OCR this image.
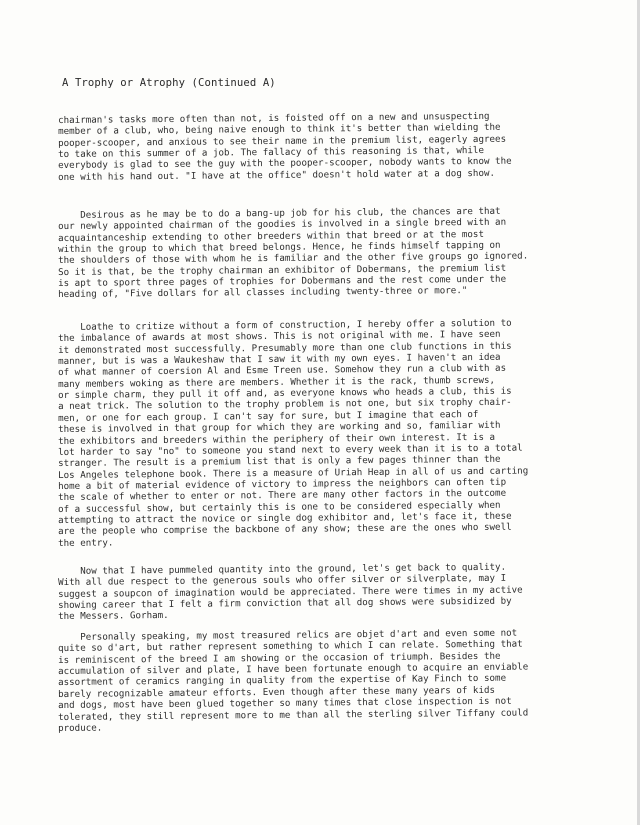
A Trophy or Atrophy (Continued A)
chairman's tasks more often than not, is foisted off on a new and unsuspecting
member of a club, who, being naive enough to think it's better than wielding the
pooper-scooper, and anxious to see their name in the premium list, eagerly agrees
to take on this summer of a job. The fallacy of this reasoning is that, while
everybody is glad to see the guy with the pooper-scooper, nobody wants to know the
one with his hand out. "I have at the office" doesn't hold water at a dog show.
Desirous as he may be to do a bang-up job for his club, the chances are that
our newly appointed chairman of the goodies is involved in a single breed with an
acquaintanceship extending to other breeders within that breed or at the most
within the group to which that breed belongs. Hence, he finds himself tapping on
the shoulders of those with whom he is familiar and the other five groups go ignored.
So it is that, be the trophy chairman an exhibitor of Dobermans, the premium list
is apt to sport three pages of trophies for Dobermans and the rest come under the
heading of, "Five dollars for all classes including twenty-three or more."
Loathe to critize without a form of construction, I hereby offer a solution to
the imbalance of awards at most shows. This is not original with me. I have seen
it demonstrated most successfully. Presumably more than one club functions in this
manner, but is was a Waukeshaw that I saw it with my own eyes. I haven't an idea
of what manner of coersion Al and Esme Treen use. Somehow they run a club with as
many members woking as there are members. Whether it is the rack, thumb screws,
or simple charm, they pull it off and, as everyone knows who heads a club, this is
a neat trick. The solution to the trophy problem is not one, but six trophy chair-
men, or one for each group. I can't say for sure, but I imagine that each of
these is involved in that group for which they are working and so, familiar with
the exhibitors and breeders within the periphery of their own interest. It is a
lot harder to say "no" to someone you stand next to every week than it is to a total
stranger. The result is a premium list that is only a few pages thinner than the
Los Angeles telephone book. There is a measure of Uriah Heap in all of us and carting
home a bit of material evidence of victory to impress the neighbors can often tip
the scale of whether to enter or not. There are many other factors in the outcome
of a successful show, but certainly this is one to be considered especially when
attempting to attract the novice or single dog exhibitor and, let's face it, these
are the people who comprise the backbone of any show; these are the ones who swell
the entry.
Now that I have pummeled quantity into the ground, let's get back to quality.
With all due respect to the generous souls who offer silver or silverplate, may I
suggest a soupcon of imagination would be appreciated. There were times in my active
showing career that I felt a firm conviction that all dog shows were subsidized by
the Messers. Gorham.
Personally speaking, my most treasured relics are objet d'art and even some not
quite so d'art, but rather represent something to which I can relate. Something that
is reminiscent of the breed I am showing or the occasion of triumph. Besides the
accumulation of silver and plate, I have been fortunate enough to acquire an enviable
assortment of ceramics ranging in quality from the expertise of Kay Finch to some
barely recognizable amateur efforts. Even though after these many years of kids
and dogs, most have been glued together so many times that close inspection is not
tolerated, they still represent more to me than all the sterling silver Tiffany could
produce.
